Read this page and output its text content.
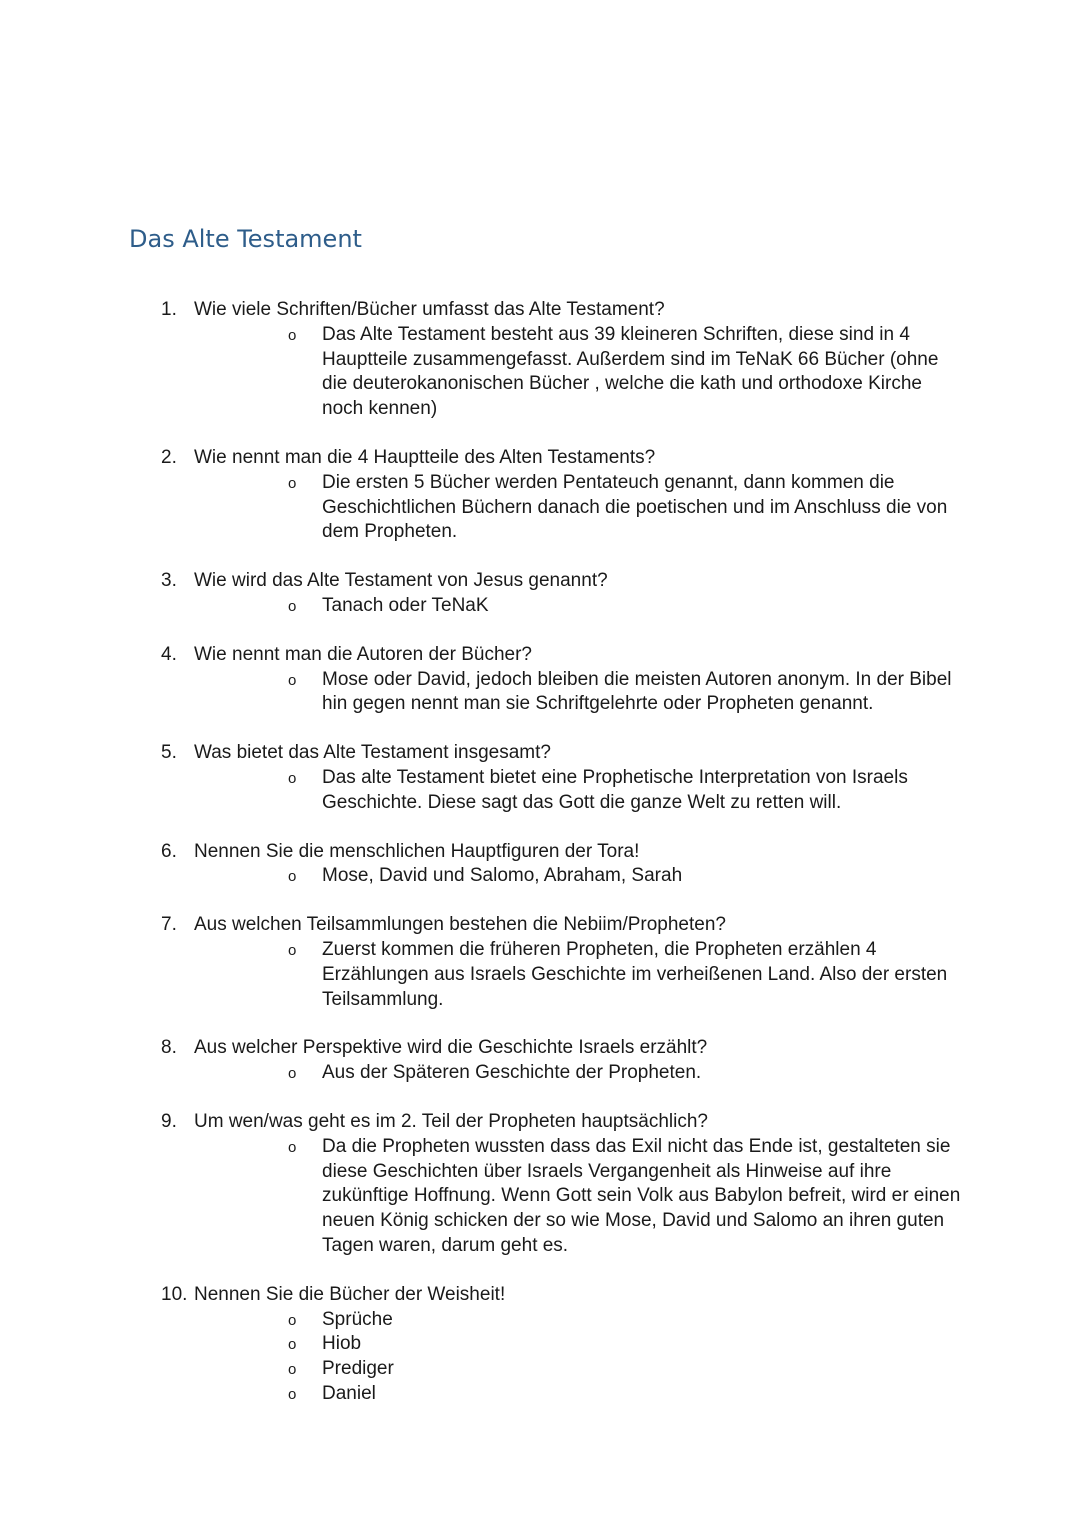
Das Alte Testament
1. Wie viele Schriften/Bücher umfasst das Alte Testament?
o Das Alte Testament besteht aus 39 kleineren Schriften, diese sind in 4 Hauptteile zusammengefasst. Außerdem sind im TeNaK 66 Bücher (ohne die deuterokanonischen Bücher , welche die kath und orthodoxe Kirche noch kennen)
2. Wie nennt man die 4 Hauptteile des Alten Testaments?
o Die ersten 5 Bücher werden Pentateuch genannt, dann kommen die Geschichtlichen Büchern danach die poetischen und im Anschluss die von dem Propheten.
3. Wie wird das Alte Testament von Jesus genannt?
o Tanach oder TeNaK
4. Wie nennt man die Autoren der Bücher?
o Mose oder David, jedoch bleiben die meisten Autoren anonym. In der Bibel hin gegen nennt man sie Schriftgelehrte oder Propheten genannt.
5. Was bietet das Alte Testament insgesamt?
o Das alte Testament bietet eine Prophetische Interpretation von Israels Geschichte. Diese sagt das Gott die ganze Welt zu retten will.
6. Nennen Sie die menschlichen Hauptfiguren der Tora!
o Mose, David und Salomo, Abraham, Sarah
7. Aus welchen Teilsammlungen bestehen die Nebiim/Propheten?
o Zuerst kommen die früheren Propheten, die Propheten erzählen 4 Erzählungen aus Israels Geschichte im verheißenen Land. Also der ersten Teilsammlung.
8. Aus welcher Perspektive wird die Geschichte Israels erzählt?
o Aus der Späteren Geschichte der Propheten.
9. Um wen/was geht es im 2. Teil der Propheten hauptsächlich?
o Da die Propheten wussten dass das Exil nicht das Ende ist, gestalteten sie diese Geschichten über Israels Vergangenheit als Hinweise auf ihre zukünftige Hoffnung. Wenn Gott sein Volk aus Babylon befreit, wird er einen neuen König schicken der so wie Mose, David und Salomo an ihren guten Tagen waren, darum geht es.
10. Nennen Sie die Bücher der Weisheit!
o Sprüche
o Hiob
o Prediger
o Daniel
